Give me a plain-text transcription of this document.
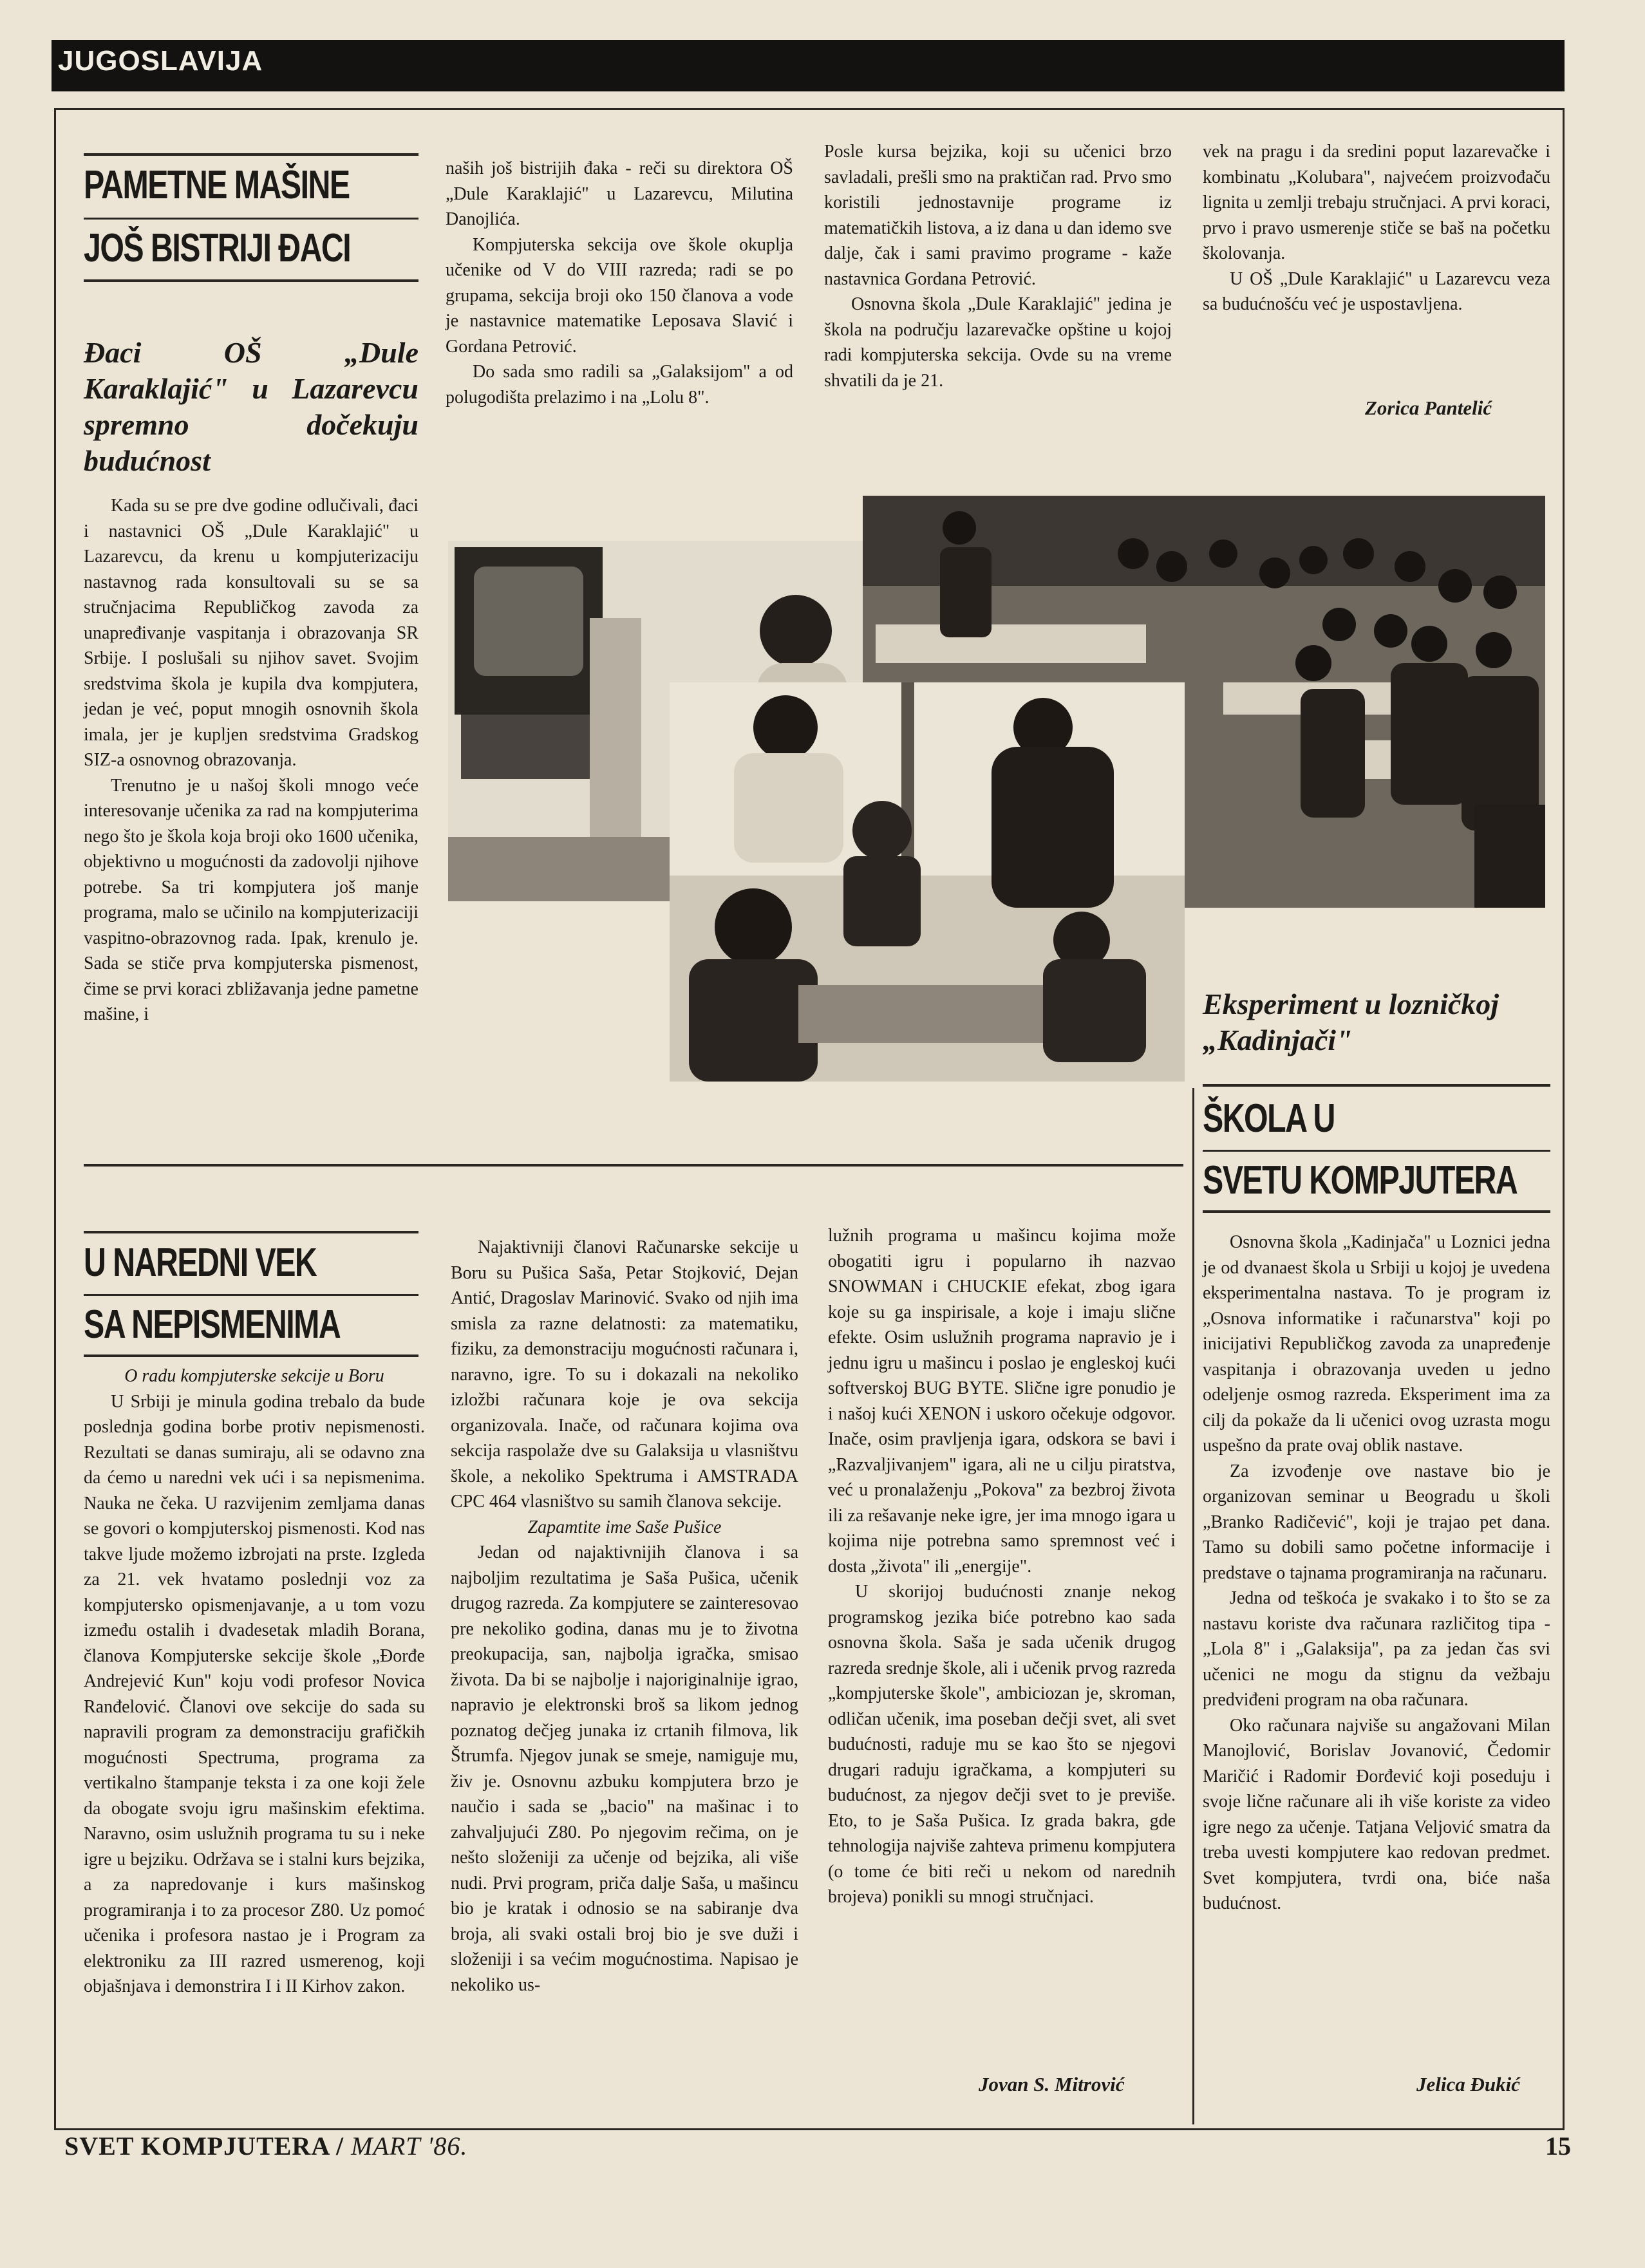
JUGOSLAVIJA
PAMETNE MAŠINE
JOŠ BISTRIJI ĐACI
Đaci OŠ „Dule Karaklajić" u Lazarevcu spremno dočekuju budućnost

Kada su se pre dve godine odlučivali, đaci i nastavnici OŠ „Dule Karaklajić" u Lazarevcu, da krenu u kompjuterizaciju nastavnog rada konsultovali su se sa stručnjacima Republičkog zavoda za unapređivanje vaspitanja i obrazovanja SR Srbije. I poslušali su njihov savet. Svojim sredstvima škola je kupila dva kompjutera, jedan je već, poput mnogih osnovnih škola imala, jer je kupljen sredstvima Gradskog SIZ-a osnovnog obrazovanja.

Trenutno je u našoj školi mnogo veće interesovanje učenika za rad na kompjuterima nego što je škola koja broji oko 1600 učenika, objektivno u mogućnosti da zadovolji njihove potrebe. Sa tri kompjutera još manje programa, malo se učinilo na kompjuterizaciji vaspitno-obrazovnog rada. Ipak, krenulo je. Sada se stiče prva kompjuterska pismenost, čime se prvi koraci zbližavanja jedne pametne mašine, i

naših još bistrijih đaka - reči su direktora OŠ „Dule Karaklajić" u Lazarevcu, Milutina Danojlića.

Kompjuterska sekcija ove škole okuplja učenike od V do VIII razreda; radi se po grupama, sekcija broji oko 150 članova a vode je nastavnice matematike Leposava Slavić i Gordana Petrović.

Do sada smo radili sa „Galaksijom" a od polugodišta prelazimo i na „Lolu 8".

Posle kursa bejzika, koji su učenici brzo savladali, prešli smo na praktičan rad. Prvo smo koristili jednostavnije programe iz matematičkih listova, a iz dana u dan idemo sve dalje, čak i sami pravimo programe - kaže nastavnica Gordana Petrović.

Osnovna škola „Dule Karaklajić" jedina je škola na području lazarevačke opštine u kojoj radi kompjuterska sekcija. Ovde su na vreme shvatili da je 21.

vek na pragu i da sredini poput lazarevačke i kombinatu „Kolubara", najvećem proizvođaču lignita u zemlji trebaju stručnjaci. A prvi koraci, prvo i pravo usmerenje stiče se baš na početku školovanja.

U OŠ „Dule Karaklajić" u Lazarevcu veza sa budućnošću već je uspostavljena.

Zorica Pantelić
Eksperiment u lozničkoj „Kadinjači"
ŠKOLA U
SVETU KOMPJUTERA

Osnovna škola „Kadinjača" u Loznici jedna je od dvanaest škola u Srbiji u kojoj je uvedena eksperimentalna nastava. To je program iz „Osnova informatike i računarstva" koji po inicijativi Republičkog zavoda za unapređenje vaspitanja i obrazovanja uveden u jedno odeljenje osmog razreda. Eksperiment ima za cilj da pokaže da li učenici ovog uzrasta mogu uspešno da prate ovaj oblik nastave.

Za izvođenje ove nastave bio je organizovan seminar u Beogradu u školi „Branko Radičević", koji je trajao pet dana. Tamo su dobili samo početne informacije i predstave o tajnama programiranja na računaru.

Jedna od teškoća je svakako i to što se za nastavu koriste dva računara različitog tipa - „Lola 8" i „Galaksija", pa za jedan čas svi učenici ne mogu da stignu da vežbaju predviđeni program na oba računara.

Oko računara najviše su angažovani Milan Manojlović, Borislav Jovanović, Čedomir Maričić i Radomir Đorđević koji poseduju i svoje lične računare ali ih više koriste za video igre nego za učenje. Tatjana Veljović smatra da treba uvesti kompjutere kao redovan predmet. Svet kompjutera, tvrdi ona, biće naša budućnost.

Jelica Đukić
U NAREDNI VEK
SA NEPISMENIMA

O radu kompjuterske sekcije u Boru

U Srbiji je minula godina trebalo da bude poslednja godina borbe protiv nepismenosti. Rezultati se danas sumiraju, ali se odavno zna da ćemo u naredni vek ući i sa nepismenima. Nauka ne čeka. U razvijenim zemljama danas se govori o kompjuterskoj pismenosti. Kod nas takve ljude možemo izbrojati na prste. Izgleda za 21. vek hvatamo poslednji voz za kompjutersko opismenjavanje, a u tom vozu između ostalih i dvadesetak mladih Borana, članova Kompjuterske sekcije škole „Đorđe Andrejević Kun" koju vodi profesor Novica Ranđelović. Članovi ove sekcije do sada su napravili program za demonstraciju grafičkih mogućnosti Spectruma, programa za vertikalno štampanje teksta i za one koji žele da obogate svoju igru mašinskim efektima. Naravno, osim uslužnih programa tu su i neke igre u bejziku. Održava se i stalni kurs bejzika, a za napredovanje i kurs mašinskog programiranja i to za procesor Z80. Uz pomoć učenika i profesora nastao je i Program za elektroniku za III razred usmerenog, koji objašnjava i demonstrira I i II Kirhov zakon.

Najaktivniji članovi Računarske sekcije u Boru su Pušica Saša, Petar Stojković, Dejan Antić, Dragoslav Marinović. Svako od njih ima smisla za razne delatnosti: za matematiku, fiziku, za demonstraciju mogućnosti računara i, naravno, igre. To su i dokazali na nekoliko izložbi računara koje je ova sekcija organizovala. Inače, od računara kojima ova sekcija raspolaže dve su Galaksija u vlasništvu škole, a nekoliko Spektruma i AMSTRADA CPC 464 vlasništvo su samih članova sekcije.

Zapamtite ime Saše Pušice

Jedan od najaktivnijih članova i sa najboljim rezultatima je Saša Pušica, učenik drugog razreda. Za kompjutere se zainteresovao pre nekoliko godina, danas mu je to životna preokupacija, san, najbolja igračka, smisao života. Da bi se najbolje i najoriginalnije igrao, napravio je elektronski broš sa likom jednog poznatog dečjeg junaka iz crtanih filmova, lik Štrumfa. Njegov junak se smeje, namiguje mu, živ je. Osnovnu azbuku kompjutera brzo je naučio i sada se „bacio" na mašinac i to zahvaljujući Z80. Po njegovim rečima, on je nešto složeniji za učenje od bejzika, ali više nudi. Prvi program, priča dalje Saša, u mašincu bio je kratak i odnosio se na sabiranje dva broja, ali svaki ostali broj bio je sve duži i složeniji i sa većim mogućnostima. Napisao je nekoliko us-

lužnih programa u mašincu kojima može obogatiti igru i popularno ih nazvao SNOWMAN i CHUCKIE efekat, zbog igara koje su ga inspirisale, a koje i imaju slične efekte. Osim uslužnih programa napravio je i jednu igru u mašincu i poslao je engleskoj kući softverskoj BUG BYTE. Slične igre ponudio je i našoj kući XENON i uskoro očekuje odgovor. Inače, osim pravljenja igara, odskora se bavi i „Razvaljivanjem" igara, ali ne u cilju piratstva, već u pronalaženju „Pokova" za bezbroj života ili za rešavanje neke igre, jer ima mnogo igara u kojima nije potrebna samo spremnost već i dosta „života" ili „energije".

U skorijoj budućnosti znanje nekog programskog jezika biće potrebno kao sada osnovna škola. Saša je sada učenik drugog razreda srednje škole, ali i učenik prvog razreda „kompjuterske škole", ambiciozan je, skroman, odličan učenik, ima poseban dečji svet, ali svet budućnosti, raduje mu se kao što se njegovi drugari raduju igračkama, a kompjuteri su budućnost, za njegov dečji svet to je previše. Eto, to je Saša Pušica. Iz grada bakra, gde tehnologija najviše zahteva primenu kompjutera (o tome će biti reči u nekom od narednih brojeva) ponikli su mnogi stručnjaci.

Jovan S. Mitrović
SVET KOMPJUTERA / MART '86.	15
